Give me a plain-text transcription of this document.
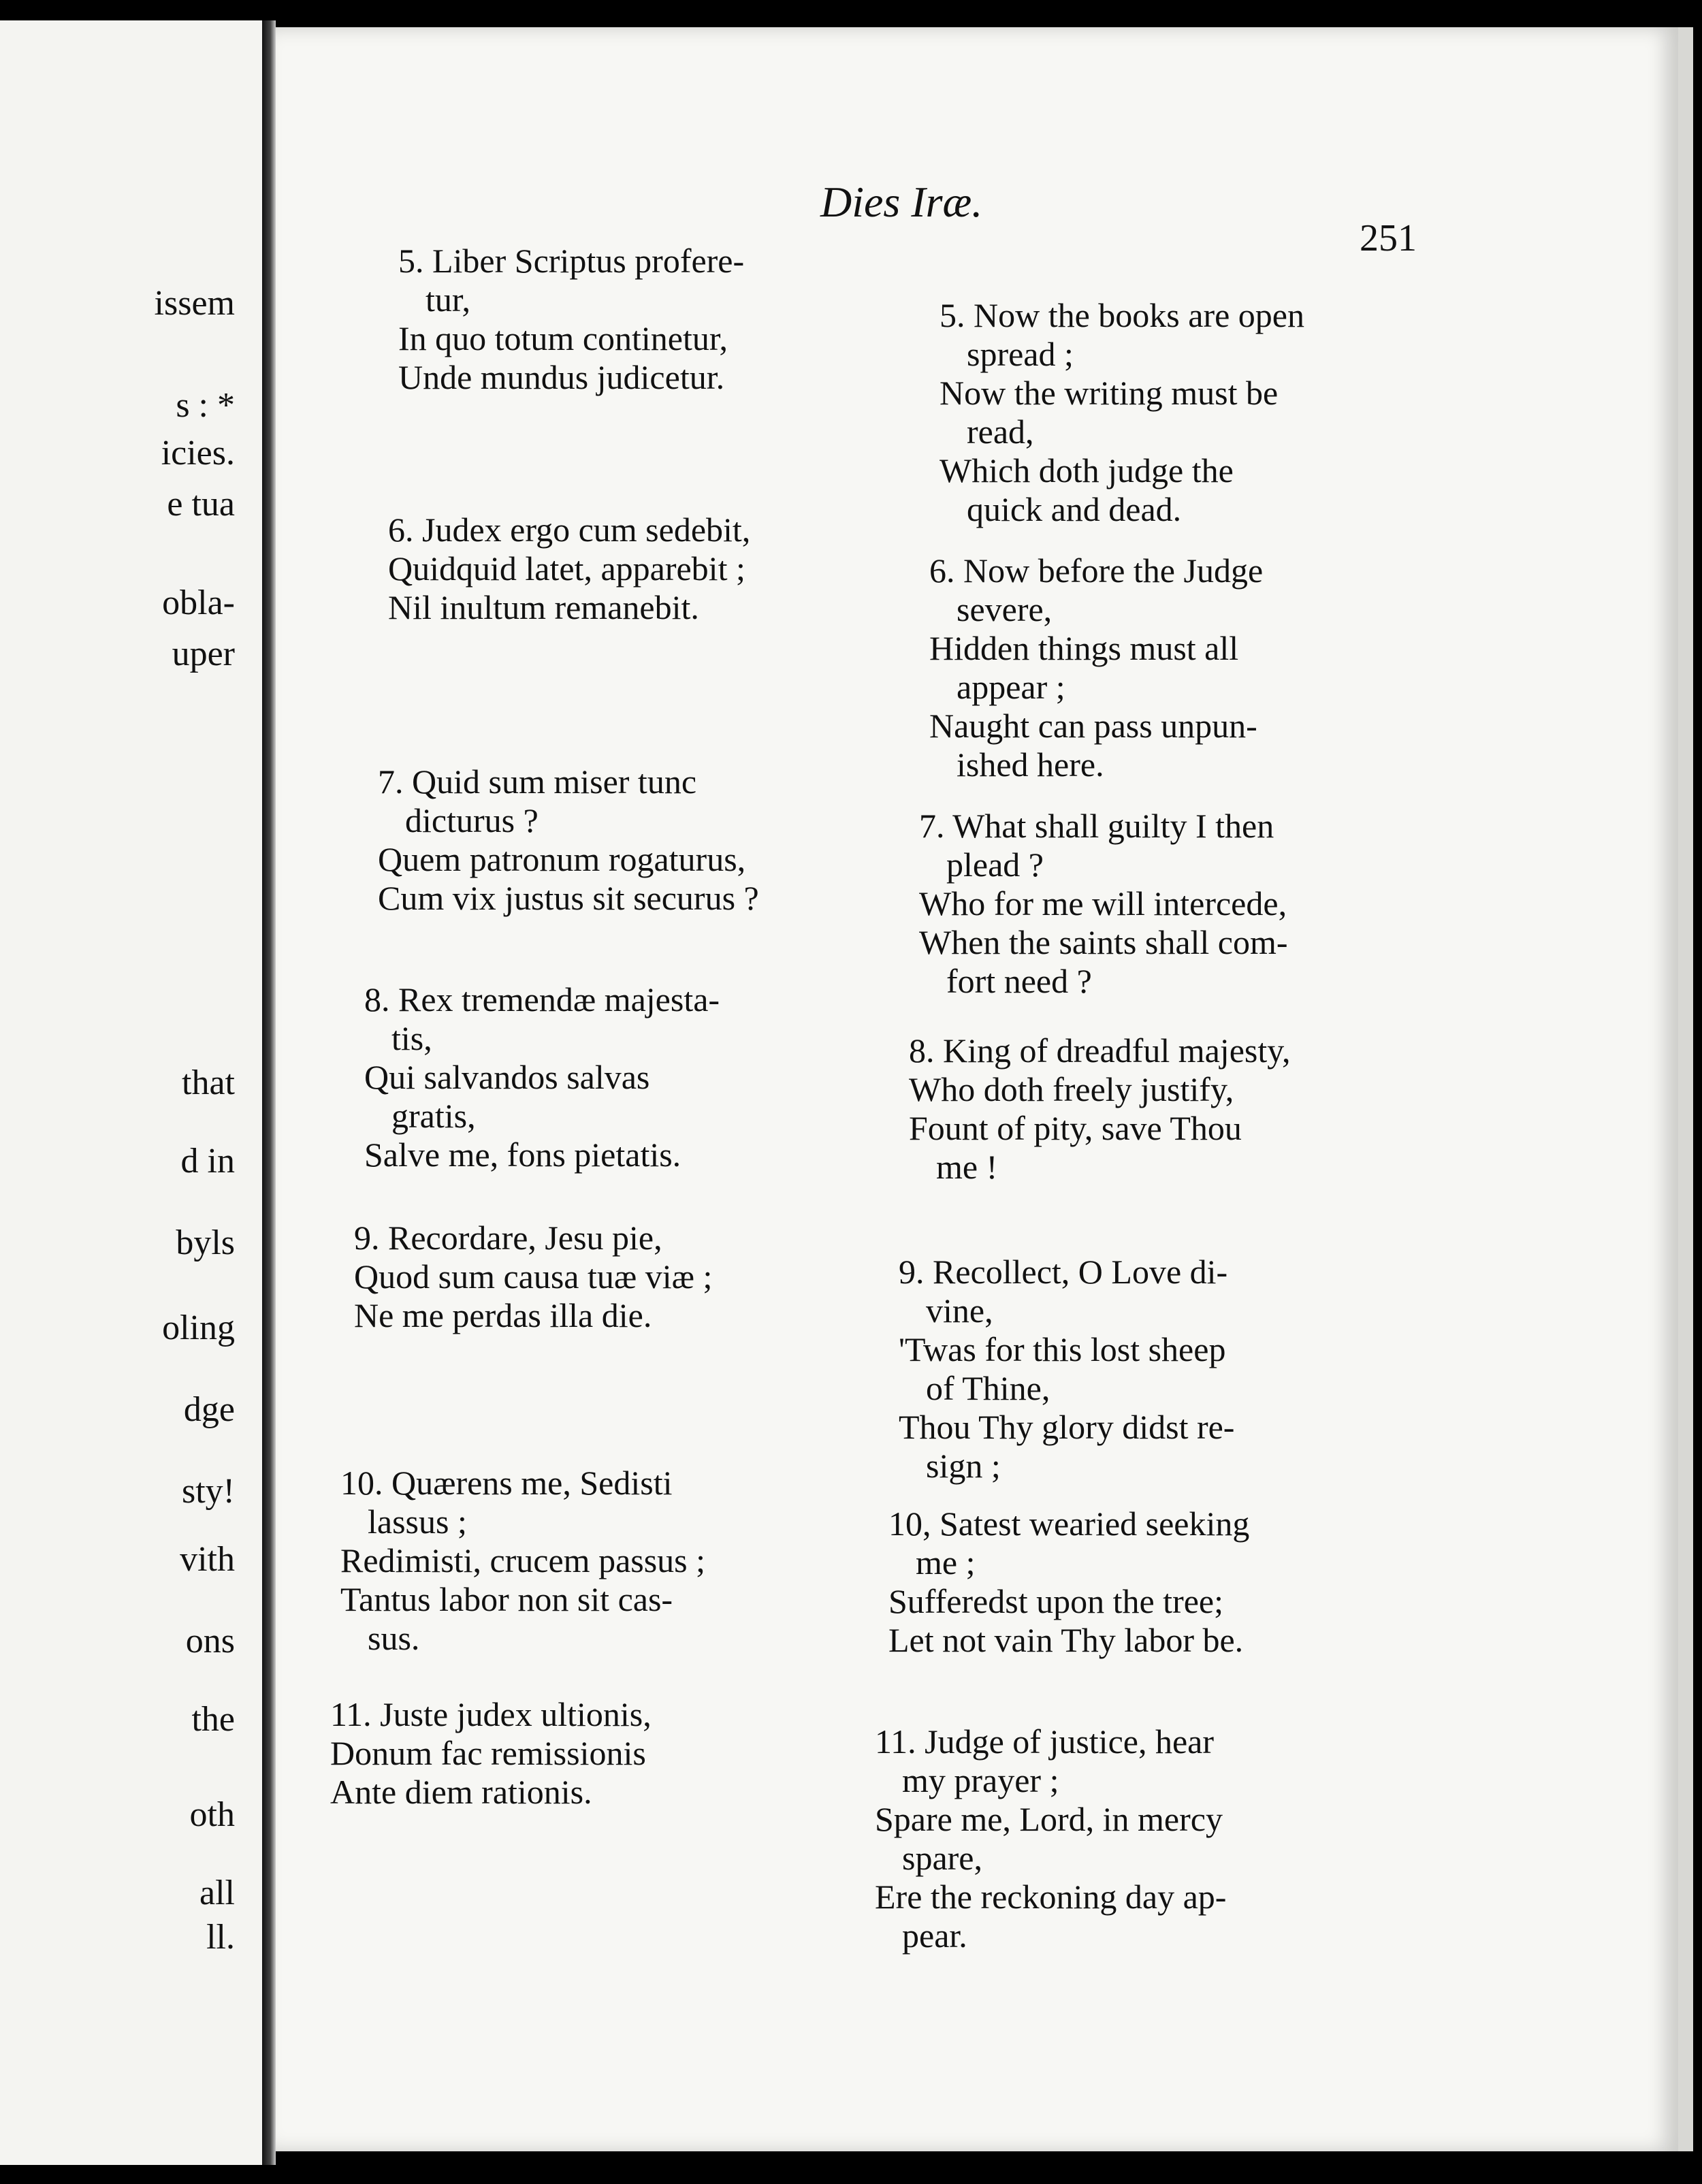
issem
s : *
icies.
e tua
obla-
uper
that
d in
byls
oling
dge
sty!
vith
ons
the
oth
all
ll.
Dies Iræ.
251
5. Liber Scriptus profere-
tur,
In quo totum continetur,
Unde mundus judicetur.
6. Judex ergo cum sedebit,
Quidquid latet, apparebit ;
Nil inultum remanebit.
7. Quid sum miser tunc
dicturus ?
Quem patronum rogaturus,
Cum vix justus sit securus ?
8. Rex tremendæ majesta-
tis,
Qui salvandos salvas
gratis,
Salve me, fons pietatis.
9. Recordare, Jesu pie,
Quod sum causa tuæ viæ ;
Ne me perdas illa die.
10. Quærens me, Sedisti
lassus ;
Redimisti, crucem passus ;
Tantus labor non sit cas-
sus.
11. Juste judex ultionis,
Donum fac remissionis
Ante diem rationis.
5. Now the books are open
spread ;
Now the writing must be
read,
Which doth judge the
quick and dead.
6. Now before the Judge
severe,
Hidden things must all
appear ;
Naught can pass unpun-
ished here.
7. What shall guilty I then
plead ?
Who for me will intercede,
When the saints shall com-
fort need ?
8. King of dreadful majesty,
Who doth freely justify,
Fount of pity, save Thou
me !
9. Recollect, O Love di-
vine,
'Twas for this lost sheep
of Thine,
Thou Thy glory didst re-
sign ;
10, Satest wearied seeking
me ;
Sufferedst upon the tree;
Let not vain Thy labor be.
11. Judge of justice, hear
my prayer ;
Spare me, Lord, in mercy
spare,
Ere the reckoning day ap-
pear.
